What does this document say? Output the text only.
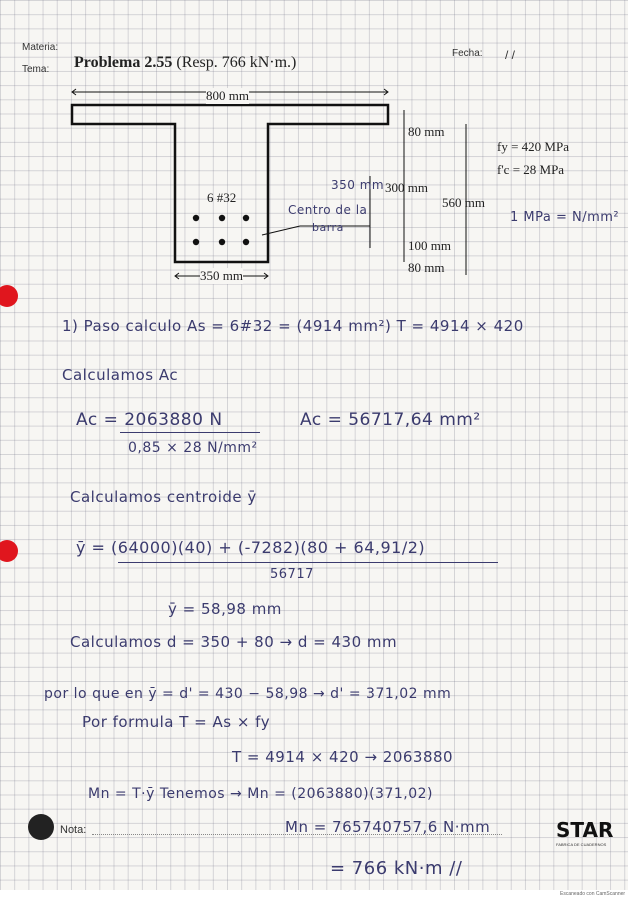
Materia:
Tema:
Fecha: / /
Problema 2.55 (Resp. 766 kN·m.)
800 mm
80 mm
fy = 420 MPa
f'c = 28 MPa
6 #32
350 mm 300 mm
560 mm
1 MPa = N/mm²
Centro de la
barra
100 mm
80 mm
350 mm
1) Paso calculo As = 6#32 = (4914 mm²) T = 4914 × 420
Calculamos Ac
Ac = 2063880 N
0,85 × 28 N/mm²
Ac = 56717,64 mm²
Calculamos centroide ȳ
ȳ = (64000)(40) + (-7282)(80 + 64,91/2)
56717
ȳ = 58,98 mm
Calculamos d = 350 + 80 → d = 430 mm
por lo que en ȳ = d' = 430 − 58,98 → d' = 371,02 mm
Por formula T = As × fy
T = 4914 × 420 → 2063880
Mn = T·ȳ Tenemos → Mn = (2063880)(371,02)
Mn = 765740757,6 N·mm
= 766 kN·m //
Nota:	STAR
FABRICA DE CUADERNOS
Escaneado con CamScanner
